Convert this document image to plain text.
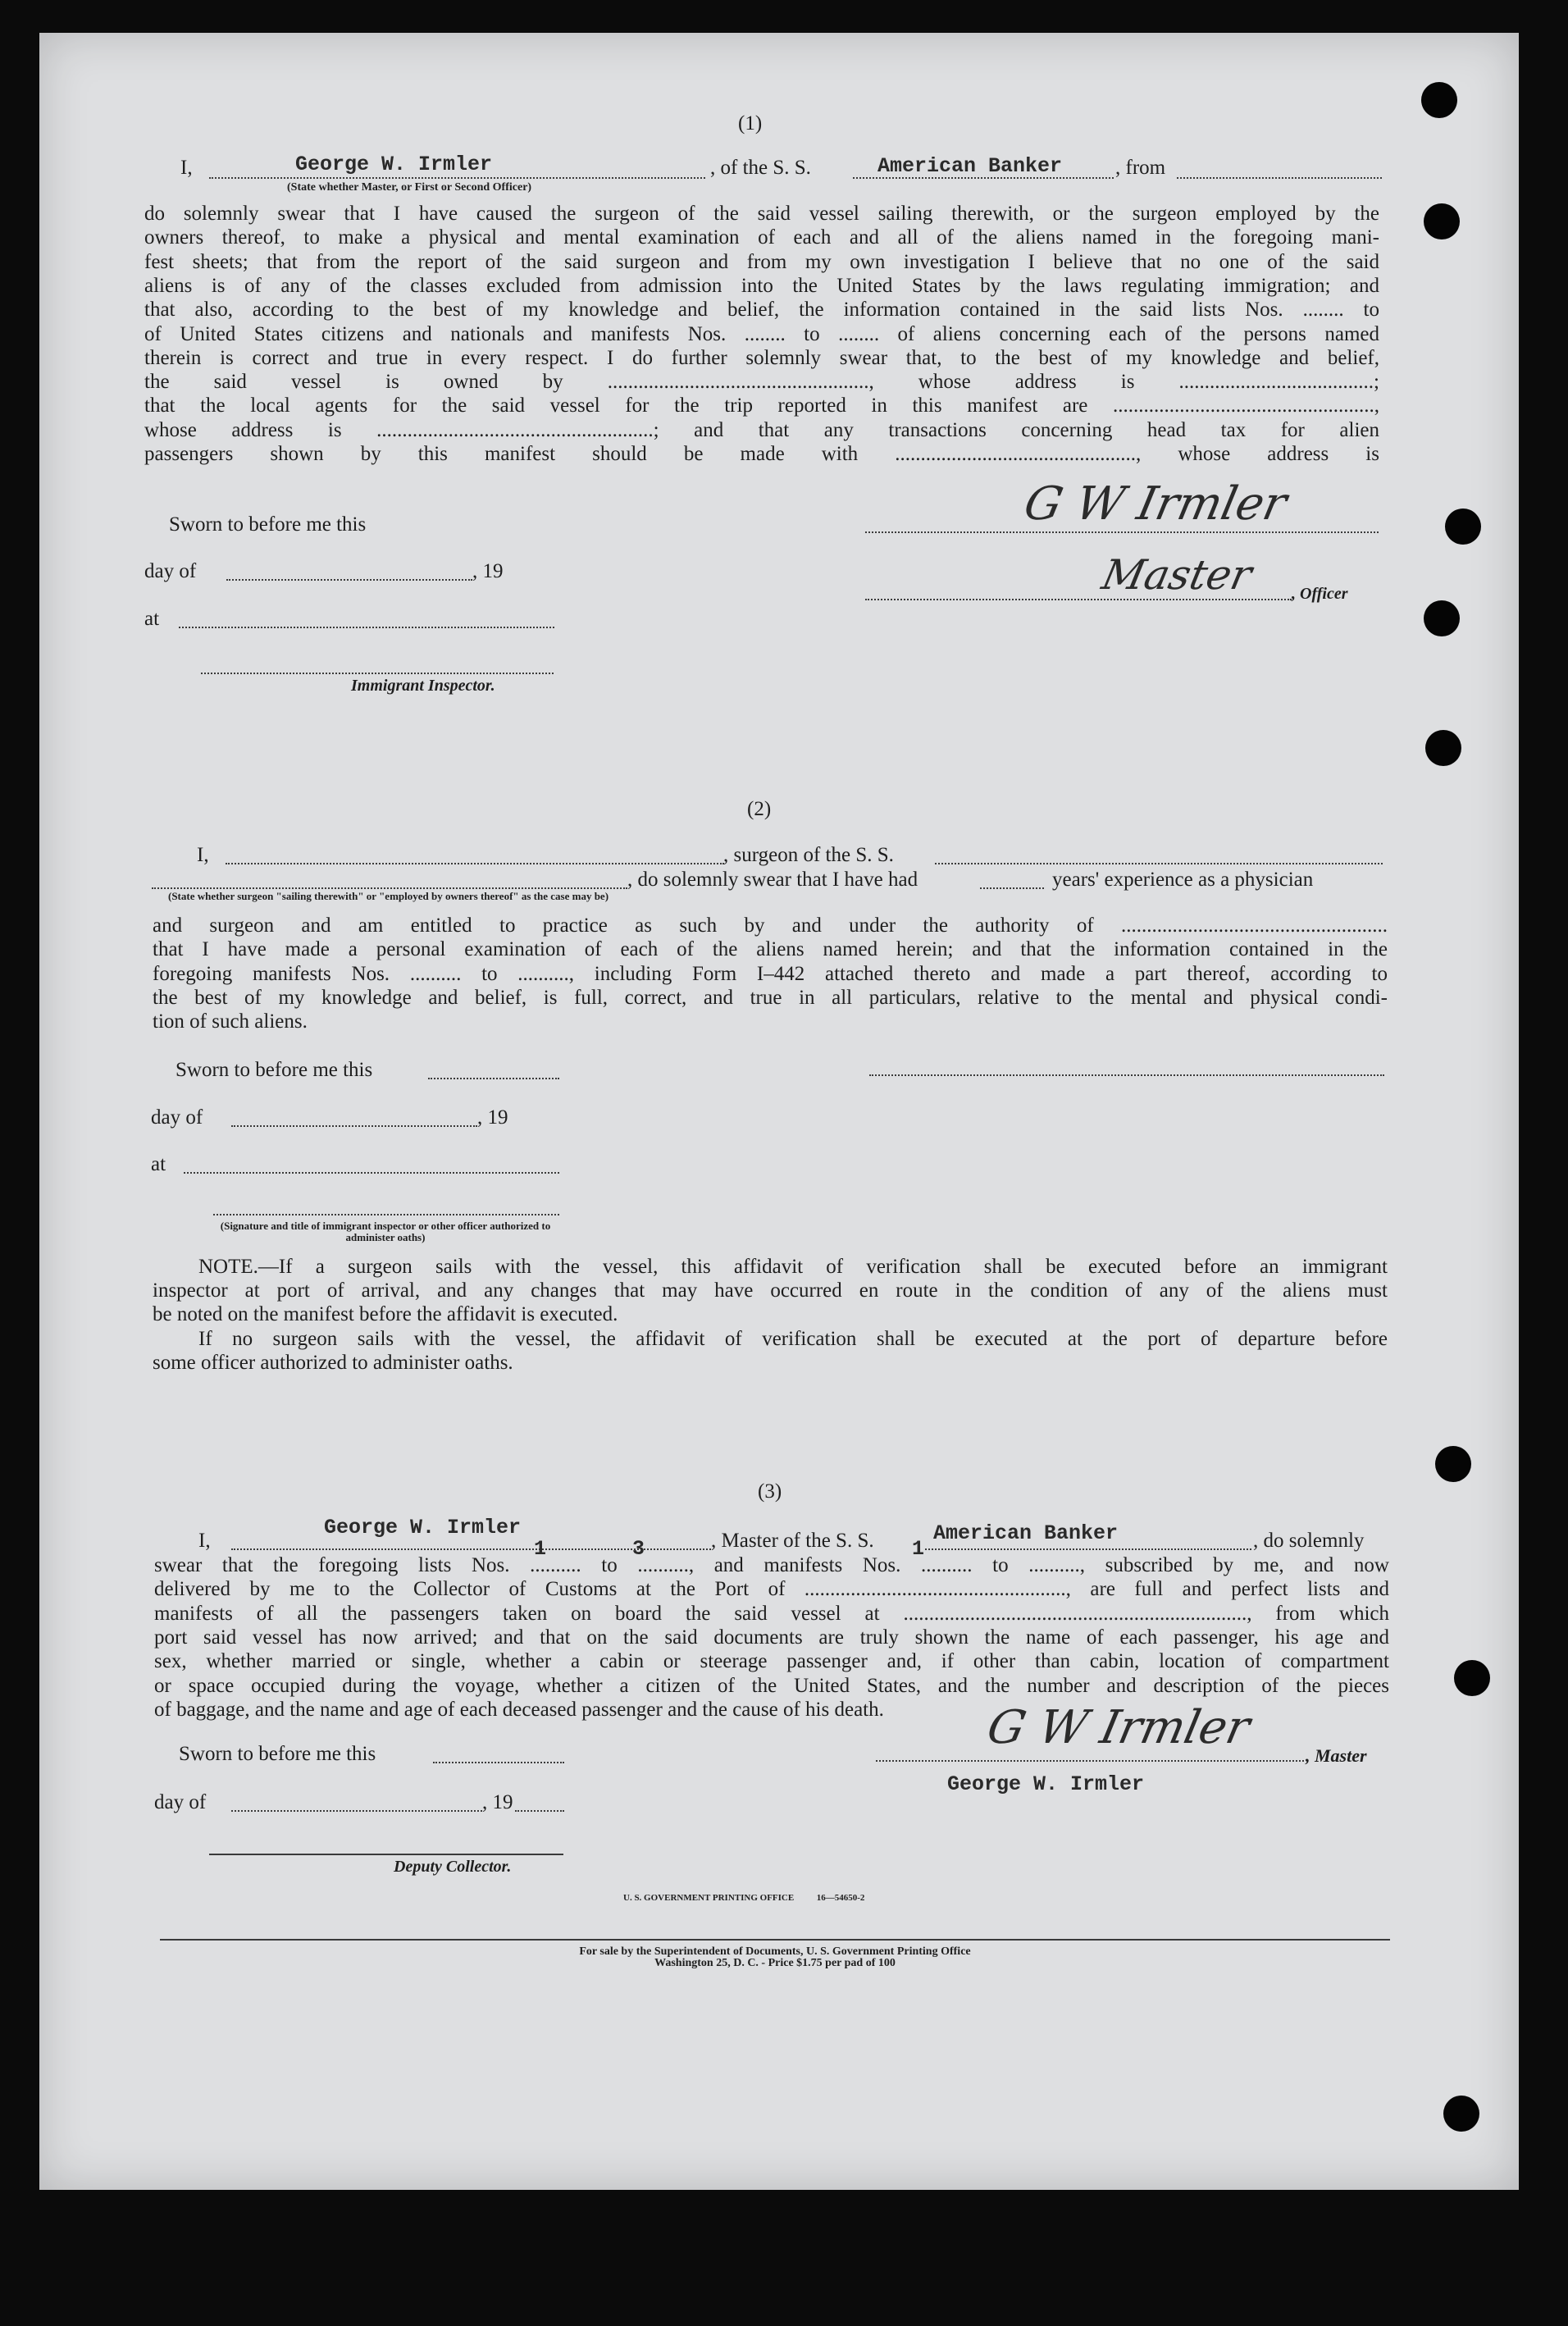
(1)
I,	George W. Irmler	, of the S. S.	American Banker	, from
(State whether Master, or First or Second Officer)
do solemnly swear that I have caused the surgeon of the said vessel sailing therewith, or the surgeon employed by the
owners thereof, to make a physical and mental examination of each and all of the aliens named in the foregoing mani-
fest sheets; that from the report of the said surgeon and from my own investigation I believe that no one of the said
aliens is of any of the classes excluded from admission into the United States by the laws regulating immigration; and
that also, according to the best of my knowledge and belief, the information contained in the said lists Nos. ........ to
of United States citizens and nationals and manifests Nos. ........ to ........ of aliens concerning each of the persons named
therein is correct and true in every respect. I do further solemnly swear that, to the best of my knowledge and belief,
the said vessel is owned by ..................................................., whose address is ......................................;
that the local agents for the said vessel for the trip reported in this manifest are ...................................................,
whose address is ......................................................; and that any transactions concerning head tax for alien
passengers shown by this manifest should be made with ..............................................., whose address is
Sworn to before me this
day of	, 19
at
Immigrant Inspector.
G W Irmler
Master , Officer
(2)
I,	, surgeon of the S. S.
, do solemnly swear that I have had	years' experience as a physician
(State whether surgeon "sailing therewith" or "employed by owners thereof" as the case may be)
and surgeon and am entitled to practice as such by and under the authority of ....................................................
that I have made a personal examination of each of the aliens named herein; and that the information contained in the
foregoing manifests Nos. .......... to .........., including Form I–442 attached thereto and made a part thereof, according to
the best of my knowledge and belief, is full, correct, and true in all particulars, relative to the mental and physical condi-
tion of such aliens.
Sworn to before me this
day of	, 19
at
(Signature and title of immigrant inspector or other officer authorized to administer oaths)
NOTE.—If a surgeon sails with the vessel, this affidavit of verification shall be executed before an immigrant
inspector at port of arrival, and any changes that may have occurred en route in the condition of any of the aliens must
be noted on the manifest before the affidavit is executed.
If no surgeon sails with the vessel, the affidavit of verification shall be executed at the port of departure before
some officer authorized to administer oaths.
(3)
I,
George W. Irmler
, Master of the S. S.	American Banker	, do solemnly
swear that the foregoing lists Nos. .......... to .........., and manifests Nos. .......... to .........., subscribed by me, and now
delivered by me to the Collector of Customs at the Port of ..................................................., are full and perfect lists and
manifests of all the passengers taken on board the said vessel at ..................................................................., from which
port said vessel has now arrived; and that on the said documents are truly shown the name of each passenger, his age and
sex, whether married or single, whether a cabin or steerage passenger and, if other than cabin, location of compartment
or space occupied during the voyage, whether a citizen of the United States, and the number and description of the pieces
of baggage, and the name and age of each deceased passenger and the cause of his death.
1	3	1
Sworn to before me this
day of	, 19
Deputy Collector.
G W Irmler
, Master
George W. Irmler
U. S. GOVERNMENT PRINTING OFFICE          16—54650-2
For sale by the Superintendent of Documents, U. S. Government Printing Office
Washington 25, D. C. - Price $1.75 per pad of 100
